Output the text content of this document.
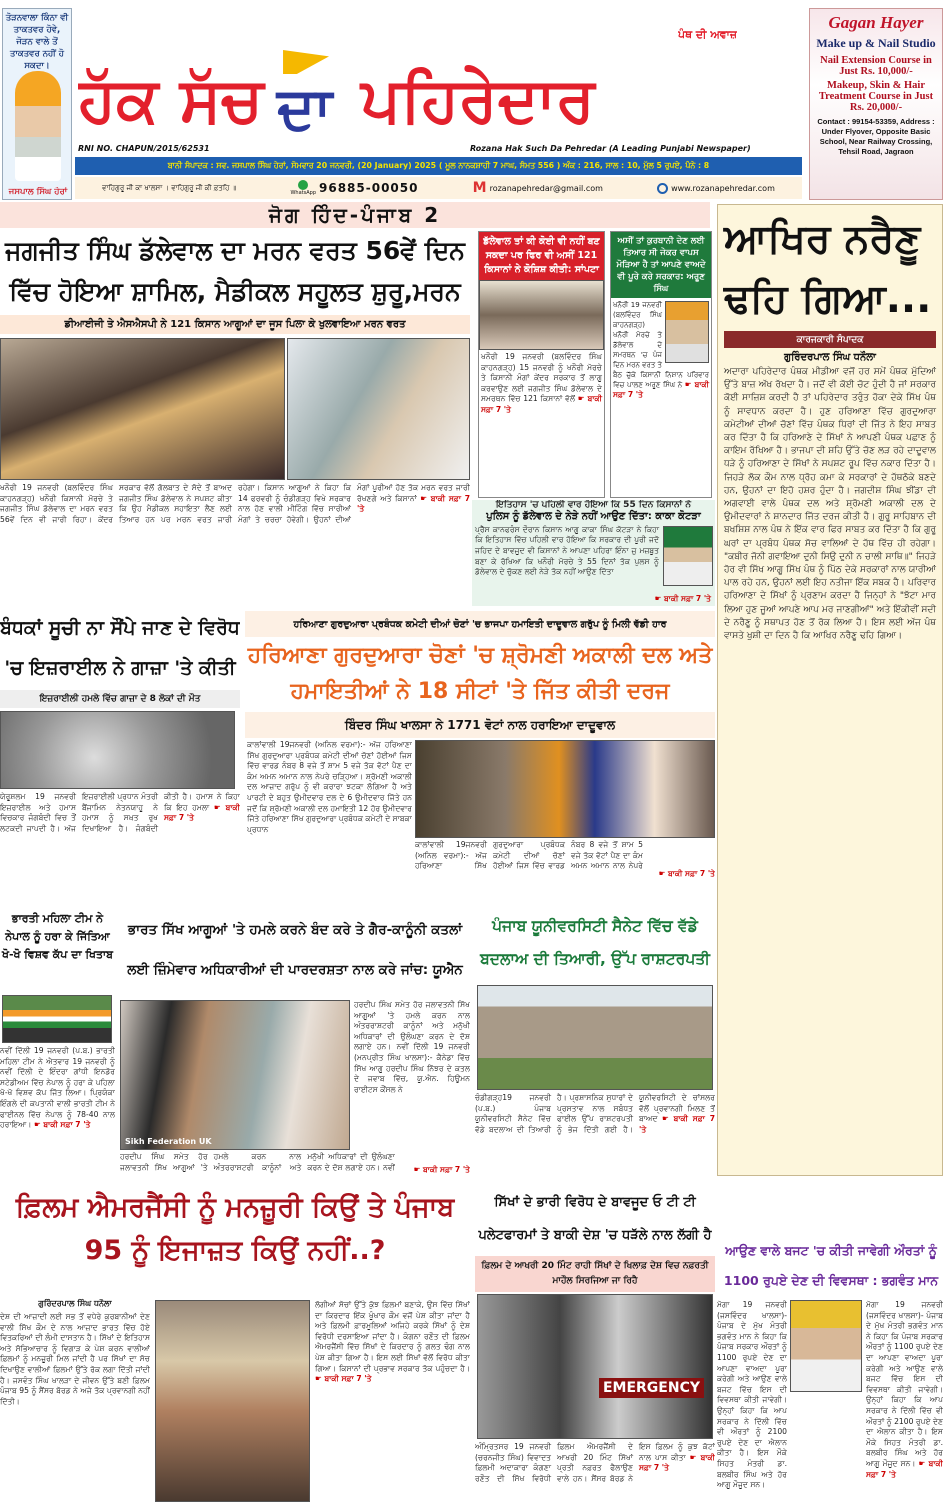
ਤੋੜਨਵਾਲਾ ਕਿੰਨਾ ਵੀ ਤਾਕਤਵਰ ਹੋਵੇ, ਜੋੜਨ ਵਾਲੇ ਤੋਂ ਤਾਕਤਵਰ ਨਹੀਂ ਹੋ ਸਕਦਾ।
ਜਸਪਾਲ ਸਿੰਘ ਹੇਰਾਂ
ਪੰਥ ਦੀ ਅਵਾਜ਼
ਹੱਕ ਸੱਚ ਦਾ ਪਹਿਰੇਦਾਰ
RNI NO. CHAPUN/2015/62531	Rozana Hak Such Da Pehredar (A Leading Punjabi Newspaper)
ਬਾਨੀ ਸੰਪਾਦਕ : ਸਵ. ਜਸਪਾਲ ਸਿੰਘ ਹੇਰਾਂ, ਸੋਮਵਾਰ 20 ਜਨਵਰੀ, (20 January) 2025 ( ਮੂਲ ਨਾਨਕਸ਼ਾਹੀ 7 ਮਾਘ, ਸੰਮਤ 556 ) ਅੰਕ : 216, ਸਾਲ : 10, ਮੁੱਲ 5 ਰੁਪਏ, ਪੰਨੇ : 8
ਵਾਹਿਗੁਰੂ ਜੀ ਕਾ ਖਾਲਸਾ । ਵਾਹਿਗੁਰੂ ਜੀ ਕੀ ਫ਼ਤਹਿ ॥
WhatsApp 96885-00050	M rozanapehredar@gmail.com	www.rozanapehredar.com
Gagan Hayer
Make up & Nail Studio
Nail Extension Course in Just Rs. 10,000/-
Makeup, Skin & Hair Treatment Course in Just Rs. 20,000/-
Contact : 99154-53359, Address : Under Flyover, Opposite Basic School, Near Railway Crossing, Tehsil Road, Jagraon
ਜੋਗ ਹਿੰਦ-ਪੰਜਾਬ 2
ਜਗਜੀਤ ਸਿੰਘ ਡੱਲੇਵਾਲ ਦਾ ਮਰਨ ਵਰਤ 56ਵੇਂ ਦਿਨ ਵਿੱਚ ਹੋਇਆ ਸ਼ਾਮਿਲ, ਮੈਡੀਕਲ ਸਹੂਲਤ ਸ਼ੁਰੂ,ਮਰਨ
ਡੀਆਈਜੀ ਤੇ ਐਸਐਸਪੀ ਨੇ 121 ਕਿਸਾਨ ਆਗੂਆਂ ਦਾ ਜੂਸ ਪਿਲਾ ਕੇ ਖੁਲਵਾਇਆ ਮਰਨ ਵਰਤ
ਖਨੌਰੀ 19 ਜਨਵਰੀ (ਬਲਵਿੰਦਰ ਸਿੰਘ ਕਾਹਨਗੜ੍ਹ) ਖਨੌਰੀ ਕਿਸਾਨੀ ਮੋਰਚੇ ਤੇ ਜਗਜੀਤ ਸਿੰਘ ਡੱਲੇਵਾਲ ਦਾ ਮਰਨ ਵਰਤ 56ਵੇਂ ਦਿਨ ਵੀ ਜਾਰੀ ਰਿਹਾ। ਕੇਂਦਰ ਸਰਕਾਰ ਵੱਲੋਂ ਗੱਲਬਾਤ ਦੇ ਸੱਦੇ ਤੋਂ ਬਾਅਦ ਜਗਜੀਤ ਸਿੰਘ ਡੱਲੇਵਾਲ ਨੇ ਸਪਸ਼ਟ ਕੀਤਾ ਕਿ ਉਹ ਮੈਡੀਕਲ ਸਹਾਇਤਾ ਲੈਣ ਲਈ ਤਿਆਰ ਹਨ ਪਰ ਮਰਨ ਵਰਤ ਜਾਰੀ ਰਹੇਗਾ। ਕਿਸਾਨ ਆਗੂਆਂ ਨੇ ਕਿਹਾ ਕਿ 14 ਫਰਵਰੀ ਨੂੰ ਚੰਡੀਗੜ੍ਹ ਵਿਖੇ ਸਰਕਾਰ ਨਾਲ ਹੋਣ ਵਾਲੀ ਮੀਟਿੰਗ ਵਿੱਚ ਸਾਰੀਆਂ ਮੰਗਾਂ ਤੇ ਚਰਚਾ ਹੋਵੇਗੀ। ਉਹਨਾਂ ਦੀਆਂ ਮੰਗਾਂ ਪੂਰੀਆਂ ਹੋਣ ਤੱਕ ਮਰਨ ਵਰਤ ਜਾਰੀ ਰੱਖਣਗੇ ਅਤੇ ਕਿਸਾਨਾਂ ☛ ਬਾਕੀ ਸਫ਼ਾ 7 'ਤੇ
ਡੱਲੇਵਾਲ ਤਾਂ ਕੀ ਕੋਈ ਵੀ ਨਹੀਂ ਬਣ ਸਕਦਾ ਪਰ ਫਿਰ ਵੀ ਅਸੀਂ 121 ਕਿਸਾਨਾਂ ਨੇ ਕੋਸ਼ਿਸ਼ ਕੀਤੀ: ਸਾਂਪਟਾ
ਖਨੌਰੀ 19 ਜਨਵਰੀ (ਬਲਵਿੰਦਰ ਸਿੰਘ ਕਾਹਨਗੜ੍ਹ) 15 ਜਨਵਰੀ ਨੂੰ ਖਨੌਰੀ ਮੋਰਚੇ ਤੇ ਕਿਸਾਨੀ ਮੰਗਾਂ ਕੇਂਦਰ ਸਰਕਾਰ ਤੋਂ ਲਾਗੂ ਕਰਵਾਉਣ ਲਈ ਜਗਜੀਤ ਸਿੰਘ ਡੱਲੇਵਾਲ ਦੇ ਸਮਰਥਨ ਵਿੱਚ 121 ਕਿਸਾਨਾਂ ਵੱਲੋਂ ☛ ਬਾਕੀ ਸਫ਼ਾ 7 'ਤੇ
ਅਸੀਂ ਤਾਂ ਕੁਰਬਾਨੀ ਦੇਣ ਲਈ ਤਿਆਰ ਸੀ ਜੇਕਰ ਵਾਪਸ ਮੋੜਿਆ ਹੈ ਤਾਂ ਆਪਣੇ ਵਾਅਦੇ ਵੀ ਪੂਰੇ ਕਰੇ ਸਰਕਾਰ: ਅਰੂਣ ਸਿੰਘ
ਖਨੌਰੀ 19 ਜਨਵਰੀ (ਬਲਵਿੰਦਰ ਸਿੰਘ ਕਾਹਨਗੜ੍ਹ) ਖਨੌਰੀ ਮੋਰਚੇ ਤੇ ਡੱਲੇਵਾਲ ਦੇ ਸਮਰਥਨ 'ਚ ਪੰਜ ਦਿਨ ਮਰਨ ਵਰਤ ਤੇ ਬੈਠ ਚੁੱਕੇ ਕਿਸਾਨੀ ਨਿਸ਼ਾਨ ਪਰਿਵਾਰ ਵਿਚ ਪਾਲਣ ਅਰੂਣ ਸਿੰਘ ਨੇ ☛ ਬਾਕੀ ਸਫ਼ਾ 7 'ਤੇ
ਇਤਿਹਾਸ 'ਚ ਪਹਿਲੀ ਵਾਰ ਹੋਇਆ ਕਿ 55 ਦਿਨ ਕਿਸਾਨਾਂ ਨੇ
ਪੁਲਿਸ ਨੂੰ ਡੱਲੇਵਾਲ ਦੇ ਨੇੜੇ ਨਹੀਂ ਆਉਣ ਦਿੱਤਾ: ਕਾਕਾ ਕੋਟੜਾ
ਪ੍ਰੈੱਸ ਕਾਨਫਰੰਸ ਦੌਰਾਨ ਕਿਸਾਨ ਆਗੂ ਕਾਕਾ ਸਿੰਘ ਕੋਟੜਾ ਨੇ ਕਿਹਾ ਕਿ ਇਤਿਹਾਸ ਵਿੱਚ ਪਹਿਲੀ ਵਾਰ ਹੋਇਆ ਕਿ ਸਰਕਾਰ ਦੀ ਪੂਰੀ ਜਦੋ ਜਹਿਦ ਦੇ ਬਾਵਜੂਦ ਵੀ ਕਿਸਾਨਾਂ ਨੇ ਆਪਣਾ ਪਹਿਰਾ ਇੰਨਾ ਜ਼ੁ ਮਜ਼ਬੂਤ ਬਣਾ ਕੇ ਰੱਖਿਆ ਕਿ ਖਨੌਰੀ ਮੋਰਚੇ ਤੇ 55 ਦਿਨਾਂ ਤੱਕ ਪੁਲਸ ਨੂੰ ਡੱਲੇਵਾਲ ਦੇ ਚੁੱਕਣ ਲਈ ਨੇੜੇ ਤੱਕ ਨਹੀਂ ਆਉਣ ਦਿੱਤਾ
☛ ਬਾਕੀ ਸਫ਼ਾ 7 'ਤੇ
ਬੰਧਕਾਂ ਸੂਚੀ ਨਾ ਸੌਂਪੇ ਜਾਣ ਦੇ ਵਿਰੋਧ 'ਚ ਇਜ਼ਰਾਈਲ ਨੇ ਗਾਜ਼ਾ 'ਤੇ ਕੀਤੀ
ਇਜ਼ਰਾਈਲੀ ਹਮਲੇ ਵਿੱਚ ਗਾਜ਼ਾ ਦੇ 8 ਲੋਕਾਂ ਦੀ ਮੌਤ
ਯੇਰੂਸ਼ਲਮ 19 ਜਨਵਰੀ ਇਜ਼ਰਾਈਲ ਅਤੇ ਹਮਾਸ ਵਿਚਕਾਰ ਜੰਗਬੰਦੀ ਵਿਚ ਤੌਂ ਲਟਕਦੀ ਜਾਪਦੀ ਹੈ। ਅੱਜ ਇਜ਼ਰਾਈਲੀ ਪ੍ਰਧਾਨ ਮੰਤਰੀ ਬੈਂਜਾਮਿਨ ਨੇਤਨਯਾਹੂ ਨੇ ਹਮਾਸ ਨੂੰ ਸਖ਼ਤ ਰੁਖ ਦਿਖਾਇਆ ਹੈ। ਜੰਗਬੰਦੀ ਕੀਤੀ ਹੈ। ਹਮਾਸ ਨੇ ਕਿਹਾ ਕਿ ਇਹ ਹਮਲਾ ☛ ਬਾਕੀ ਸਫ਼ਾ 7 'ਤੇ
ਹਰਿਆਣਾ ਗੁਰਦੁਆਰਾ ਪ੍ਰਬੰਧਕ ਕਮੇਟੀ ਦੀਆਂ ਚੋਣਾਂ 'ਚ ਭਾਜਪਾ ਹਮਾਇਤੀ ਦਾਦੂਵਾਲ ਗਰੁੱਪ ਨੂੰ ਮਿਲੀ ਵੱਡੀ ਹਾਰ
ਹਰਿਆਣਾ ਗੁਰਦੁਆਰਾ ਚੋਣਾਂ 'ਚ ਸ਼੍ਰੋਮਣੀ ਅਕਾਲੀ ਦਲ ਅਤੇ ਹਮਾਇਤੀਆਂ ਨੇ 18 ਸੀਟਾਂ 'ਤੇ ਜਿੱਤ ਕੀਤੀ ਦਰਜ
ਬਿੰਦਰ ਸਿੰਘ ਖਾਲਸਾ ਨੇ 1771 ਵੋਟਾਂ ਨਾਲ ਹਰਾਇਆ ਦਾਦੂਵਾਲ
ਕਾਲਾਂਵਾਲੀ 19ਜਨਵਰੀ (ਅਨਿਲ ਵਰਮਾ):- ਅੱਜ ਹਰਿਆਣਾ ਸਿੱਖ ਗੁਰਦੁਆਰਾ ਪ੍ਰਬੰਧਕ ਕਮੇਟੀ ਦੀਆਂ ਚੋਣਾਂ ਹੋਈਆਂ ਜਿਸ ਵਿੱਚ ਵਾਰਡ ਨੰਬਰ 8 ਵਜੇ ਤੋਂ ਸ਼ਾਮ 5 ਵਜੇ ਤੱਕ ਵੋਟਾਂ ਪੈਣ ਦਾ ਕੰਮ ਅਮਨ ਅਮਾਨ ਨਾਲ ਨੇਪਰੇ ਚੜ੍ਹਿਆ। ਸ਼੍ਰੋਮਣੀ ਅਕਾਲੀ ਦਲ ਆਜ਼ਾਦ ਗਰੁੱਪ ਨੂੰ ਵੀ ਕਰਾਰਾ ਝਟਕਾ ਲੱਗਿਆ ਹੈ ਅਤੇ ਪਾਰਟੀ ਦੇ ਬਹੁਤ ਉਮੀਦਵਾਰ ਦਲ ਦੇ 6 ਉਮੀਦਵਾਰ ਜਿੱਤੇ ਹਨ ਜਦੋਂ ਕਿ ਸ਼੍ਰੋਮਣੀ ਅਕਾਲੀ ਦਲ ਹਮਾਇਤੀ 12 ਹੋਰ ਉਮੀਦਵਾਰ ਜਿੱਤੇ ਹਰਿਆਣਾ ਸਿੱਖ ਗੁਰਦੁਆਰਾ ਪ੍ਰਬੰਧਕ ਕਮੇਟੀ ਦੇ ਸਾਬਕਾ ਪ੍ਰਧਾਨ
ਕਾਲਾਂਵਾਲੀ 19ਜਨਵਰੀ (ਅਨਿਲ ਵਰਮਾ):- ਅੱਜ ਹਰਿਆਣਾ ਸਿੱਖ ਗੁਰਦੁਆਰਾ ਪ੍ਰਬੰਧਕ ਕਮੇਟੀ ਦੀਆਂ ਚੋਣਾਂ ਹੋਈਆਂ ਜਿਸ ਵਿੱਚ ਵਾਰਡ ਨੰਬਰ 8 ਵਜੇ ਤੋਂ ਸ਼ਾਮ 5 ਵਜੇ ਤੱਕ ਵੋਟਾਂ ਪੈਣ ਦਾ ਕੰਮ ਅਮਨ ਅਮਾਨ ਨਾਲ ਨੇਪਰੇ
☛ ਬਾਕੀ ਸਫ਼ਾ 7 'ਤੇ
ਭਾਰਤੀ ਮਹਿਲਾ ਟੀਮ ਨੇ ਨੇਪਾਲ ਨੂੰ ਹਰਾ ਕੇ ਜਿੱਤਿਆ ਖੋ-ਖੋ ਵਿਸ਼ਵ ਕੱਪ ਦਾ ਖਿਤਾਬ
ਨਵੀਂ ਦਿੱਲੀ 19 ਜਨਵਰੀ (ਪ.ਬ.) ਭਾਰਤੀ ਮਹਿਲਾ ਟੀਮ ਨੇ ਐਤਵਾਰ 19 ਜਨਵਰੀ ਨੂੰ ਨਵੀਂ ਦਿੱਲੀ ਦੇ ਇੰਦਰਾ ਗਾਂਧੀ ਇਨਡੋਰ ਸਟੇਡੀਅਮ ਵਿੱਚ ਨੇਪਾਲ ਨੂੰ ਹਰਾ ਕੇ ਪਹਿਲਾ ਖੋ-ਖੋ ਵਿਸ਼ਵ ਕੱਪ ਜਿੱਤ ਲਿਆ। ਪ੍ਰਿਯੰਕਾ ਇੰਗਲੇ ਦੀ ਕਪਤਾਨੀ ਵਾਲੀ ਭਾਰਤੀ ਟੀਮ ਨੇ ਫਾਈਨਲ ਵਿੱਚ ਨੇਪਾਲ ਨੂੰ 78-40 ਨਾਲ ਹਰਾਇਆ। ☛ ਬਾਕੀ ਸਫ਼ਾ 7 'ਤੇ
ਭਾਰਤ ਸਿੱਖ ਆਗੂਆਂ 'ਤੇ ਹਮਲੇ ਕਰਨੇ ਬੰਦ ਕਰੇ ਤੇ ਗੈਰ-ਕਾਨੂੰਨੀ ਕਤਲਾਂ ਲਈ ਜ਼ਿੰਮੇਵਾਰ ਅਧਿਕਾਰੀਆਂ ਦੀ ਪਾਰਦਰਸ਼ਤਾ ਨਾਲ ਕਰੇ ਜਾਂਚ: ਯੂਐਨ
Sikh Federation UK
ਹਰਦੀਪ ਸਿੰਘ ਸਮੇਤ ਹੋਰ ਜਲਾਵਤਨੀ ਸਿੱਖ ਆਗੂਆਂ 'ਤੇ ਹਮਲੇ ਕਰਨ ਨਾਲ ਅੰਤਰਰਾਸ਼ਟਰੀ ਕਾਨੂੰਨਾਂ ਅਤੇ ਮਨੁੱਖੀ ਅਧਿਕਾਰਾਂ ਦੀ ਉਲੰਘਣਾ ਕਰਨ ਦੇ ਦੋਸ਼ ਲਗਾਏ ਹਨ। ਨਵੀਂ ਦਿੱਲੀ 19 ਜਨਵਰੀ (ਮਨਪ੍ਰੀਤ ਸਿੰਘ ਖਾਲਸਾ):- ਕੈਨੇਡਾ ਵਿੱਚ ਸਿੱਖ ਆਗੂ ਹਰਦੀਪ ਸਿੰਘ ਨਿੱਝਰ ਦੇ ਕਤਲ ਦੇ ਜਵਾਬ ਵਿੱਚ, ਯੂ.ਐਨ. ਹਿਊਮਨ ਰਾਈਟਸ ਕੌਂਸਲ ਨੇ
ਹਰਦੀਪ ਸਿੰਘ ਸਮੇਤ ਹੋਰ ਜਲਾਵਤਨੀ ਸਿੱਖ ਆਗੂਆਂ 'ਤੇ ਹਮਲੇ ਕਰਨ ਨਾਲ ਅੰਤਰਰਾਸ਼ਟਰੀ ਕਾਨੂੰਨਾਂ ਅਤੇ ਮਨੁੱਖੀ ਅਧਿਕਾਰਾਂ ਦੀ ਉਲੰਘਣਾ ਕਰਨ ਦੇ ਦੋਸ਼ ਲਗਾਏ ਹਨ। ਨਵੀਂ	☛ ਬਾਕੀ ਸਫ਼ਾ 7 'ਤੇ
ਪੰਜਾਬ ਯੂਨੀਵਰਸਿਟੀ ਸੈਨੇਟ ਵਿੱਚ ਵੱਡੇ ਬਦਲਾਅ ਦੀ ਤਿਆਰੀ, ਉੱਪ ਰਾਸ਼ਟਰਪਤੀ
ਚੰਡੀਗੜ੍ਹ19 ਜਨਵਰੀ (ਪ.ਬ.) ਪੰਜਾਬ ਯੂਨੀਵਰਸਿਟੀ ਸੈਨੇਟ ਵਿੱਚ ਵੱਡੇ ਬਦਲਾਅ ਦੀ ਤਿਆਰੀ ਹੈ। ਪ੍ਰਸ਼ਾਸਨਿਕ ਸੁਧਾਰਾਂ ਦੇ ਪ੍ਰਸਤਾਵ ਨਾਲ ਸਬੰਧਤ ਫਾਈਲ ਉੱਪ ਰਾਸ਼ਟਰਪਤੀ ਨੂੰ ਭੇਜ ਦਿੱਤੀ ਗਈ ਹੈ। ਯੂਨੀਵਰਸਿਟੀ ਦੇ ਚਾਂਸਲਰ ਵੱਲੋਂ ਪ੍ਰਵਾਨਗੀ ਮਿਲਣ ਤੋਂ ਬਾਅਦ ☛ ਬਾਕੀ ਸਫ਼ਾ 7 'ਤੇ
ਆਖਿਰ ਨਰੈਣੂ ਢਹਿ ਗਿਆ...
ਕਾਰਜਕਾਰੀ ਸੰਪਾਦਕ
ਗੁਰਿੰਦਰਪਾਲ ਸਿੰਘ ਧਨੌਲਾ
ਅਦਾਰਾ ਪਹਿਰੇਦਾਰ ਪੰਥਕ ਮੀਡੀਆ ਵਜੋਂ ਹਰ ਸਮੇਂ ਪੰਥਕ ਮੁੱਦਿਆਂ ਉੱਤੇ ਬਾਜ਼ ਅੱਖ ਰੱਖਦਾ ਹੈ। ਜਦੋਂ ਵੀ ਕੋਈ ਚੋਟ ਹੁੰਦੀ ਹੈ ਜਾਂ ਸਰਕਾਰ ਕੋਈ ਸਾਜ਼ਿਸ਼ ਕਰਦੀ ਹੈ ਤਾਂ ਪਹਿਰੇਦਾਰ ਤਰੁੰਤ ਹੋਕਾ ਦੇਕੇ ਸਿੱਖ ਪੰਥ ਨੂੰ ਸਾਵਧਾਨ ਕਰਦਾ ਹੈ। ਹੁਣ ਹਰਿਆਣਾ ਵਿੱਚ ਗੁਰਦੁਆਰਾ ਕਮੇਟੀਆਂ ਦੀਆਂ ਚੋਣਾਂ ਵਿੱਚ ਪੰਥਕ ਧਿਰਾਂ ਦੀ ਜਿੱਤ ਨੇ ਇਹ ਸਾਬਤ ਕਰ ਦਿੱਤਾ ਹੈ ਕਿ ਹਰਿਆਣੇ ਦੇ ਸਿੱਖਾਂ ਨੇ ਆਪਣੀ ਪੰਥਕ ਪਛਾਣ ਨੂੰ ਕਾਇਮ ਰੱਖਿਆ ਹੈ। ਭਾਜਪਾ ਦੀ ਸ਼ਹਿ ਉੱਤੇ ਚੋਣ ਲੜ ਰਹੇ ਦਾਦੂਵਾਲ ਧੜੇ ਨੂੰ ਹਰਿਆਣਾ ਦੇ ਸਿੱਖਾਂ ਨੇ ਸਪਸ਼ਟ ਰੂਪ ਵਿੱਚ ਨਕਾਰ ਦਿੱਤਾ ਹੈ। ਜਿਹੜੇ ਲੋਕ ਕੌਮ ਨਾਲ ਧ੍ਰੋਹ ਕਮਾ ਕੇ ਸਰਕਾਰਾਂ ਦੇ ਹੱਥਠੋਕੇ ਬਣਦੇ ਹਨ, ਉਹਨਾਂ ਦਾ ਇਹੋ ਹਸ਼ਰ ਹੁੰਦਾ ਹੈ। ਜਗਦੀਸ਼ ਸਿੰਘ ਝੀਂਡਾ ਦੀ ਅਗਵਾਈ ਵਾਲੇ ਪੰਥਕ ਦਲ ਅਤੇ ਸ਼੍ਰੋਮਣੀ ਅਕਾਲੀ ਦਲ ਦੇ ਉਮੀਦਵਾਰਾਂ ਨੇ ਸ਼ਾਨਦਾਰ ਜਿੱਤ ਦਰਜ ਕੀਤੀ ਹੈ। ਗੁਰੂ ਸਾਹਿਬਾਨ ਦੀ ਬਖਸ਼ਿਸ਼ ਨਾਲ ਪੰਥ ਨੇ ਇੱਕ ਵਾਰ ਫਿਰ ਸਾਬਤ ਕਰ ਦਿੱਤਾ ਹੈ ਕਿ ਗੁਰੂ ਘਰਾਂ ਦਾ ਪ੍ਰਬੰਧ ਪੰਥਕ ਸੋਚ ਵਾਲਿਆਂ ਦੇ ਹੱਥ ਵਿੱਚ ਹੀ ਰਹੇਗਾ। "ਕਬੀਰ ਜੋਨੀ ਗਵਾਇਆ ਦੁਨੀ ਸਿਉ ਦੁਨੀ ਨ ਚਾਲੀ ਸਾਥਿ॥" ਜਿਹੜੇ ਹੋਰ ਵੀ ਸਿੱਖ ਆਗੂ ਸਿੱਖ ਪੰਥ ਨੂੰ ਪਿੱਠ ਦੇਕੇ ਸਰਕਾਰਾਂ ਨਾਲ ਯਾਰੀਆਂ ਪਾਲ ਰਹੇ ਹਨ, ਉਹਨਾਂ ਲਈ ਇਹ ਨਤੀਜਾ ਇੱਕ ਸਬਕ ਹੈ। ਪਰਿਵਾਰ ਹਰਿਆਣਾ ਦੇ ਸਿੱਖਾਂ ਨੂੰ ਪ੍ਰਣਾਮ ਕਰਦਾ ਹੈ ਜਿਨ੍ਹਾਂ ਨੇ "ਝੱਟਾ ਮਾਰ ਲਿਆ ਹੁਣ ਜੂਆਂ ਆਪਣੇ ਆਪ ਮਰ ਜਾਣਗੀਆਂ" ਅਤੇ ਇੱਕੀਵੀਂ ਸਦੀ ਦੇ ਨਰੈਣੂ ਨੂੰ ਸਥਾਪਤ ਹੋਣ ਤੋਂ ਰੋਕ ਲਿਆ ਹੈ। ਇਸ ਲਈ ਅੱਜ ਪੰਥ ਵਾਸਤੇ ਖੁਸ਼ੀ ਦਾ ਦਿਨ ਹੈ ਕਿ ਆਖਿਰ ਨਰੈਣੂ ਢਹਿ ਗਿਆ।
ਫ਼ਿਲਮ ਐਮਰਜੈਂਸੀ ਨੂੰ ਮਨਜ਼ੂਰੀ ਕਿਉਂ ਤੇ ਪੰਜਾਬ 95 ਨੂੰ ਇਜਾਜ਼ਤ ਕਿਉਂ ਨਹੀਂ..?
ਗੁਰਿੰਦਰਪਾਲ ਸਿੰਘ ਧਨੌਲਾ
ਦੇਸ਼ ਦੀ ਆਜ਼ਾਦੀ ਲਈ ਸਭ ਤੋਂ ਵਧੇਰੇ ਕੁਰਬਾਨੀਆਂ ਦੇਣ ਵਾਲੀ ਸਿੱਖ ਕੌਮ ਦੇ ਨਾਲ ਆਜ਼ਾਦ ਭਾਰਤ ਵਿੱਚ ਹੋਏ ਵਿਤਕਰਿਆਂ ਦੀ ਲੰਮੀ ਦਾਸਤਾਨ ਹੈ। ਸਿੱਖਾਂ ਦੇ ਇਤਿਹਾਸ ਅਤੇ ਸੱਭਿਆਚਾਰ ਨੂੰ ਵਿਗਾੜ ਕੇ ਪੇਸ਼ ਕਰਨ ਵਾਲੀਆਂ ਫ਼ਿਲਮਾਂ ਨੂੰ ਮਨਜ਼ੂਰੀ ਮਿਲ ਜਾਂਦੀ ਹੈ ਪਰ ਸਿੱਖਾਂ ਦਾ ਸੱਚ ਦਿਖਾਉਣ ਵਾਲੀਆਂ ਫ਼ਿਲਮਾਂ ਉੱਤੇ ਰੋਕ ਲਗਾ ਦਿੱਤੀ ਜਾਂਦੀ ਹੈ। ਜਸਵੰਤ ਸਿੰਘ ਖਾਲੜਾ ਦੇ ਜੀਵਨ ਉੱਤੇ ਬਣੀ ਫ਼ਿਲਮ ਪੰਜਾਬ 95 ਨੂੰ ਸੈਂਸਰ ਬੋਰਡ ਨੇ ਅਜੇ ਤੱਕ ਪ੍ਰਵਾਨਗੀ ਨਹੀਂ ਦਿੱਤੀ।
ਲੱਗੀਆਂ ਸੋਚਾਂ ਉੱਤੇ ਕੁੱਝ ਫ਼ਿਲਮਾਂ ਬਣਾਕੇ, ਉਸ ਵਿੱਚ ਸਿੱਖਾਂ ਦਾ ਕਿਰਦਾਰ ਇੱਕ ਖੂੰਖਾਰ ਕੌਮ ਵਜੋਂ ਪੇਸ਼ ਕੀਤਾ ਜਾਂਦਾ ਹੈ ਅਤੇ ਫ਼ਿਲਮੀ ਫ਼ਾਰਮੂਲਿਆਂ ਅਜਿਹੇ ਕਰਕੇ ਸਿੱਖਾਂ ਨੂੰ ਦੇਸ਼ ਵਿਰੋਧੀ ਦਰਸਾਇਆ ਜਾਂਦਾ ਹੈ। ਕੰਗਨਾ ਰਣੌਤ ਦੀ ਫ਼ਿਲਮ ਐਮਰਜੈਂਸੀ ਵਿੱਚ ਸਿੱਖਾਂ ਦੇ ਕਿਰਦਾਰ ਨੂੰ ਗਲਤ ਢੰਗ ਨਾਲ ਪੇਸ਼ ਕੀਤਾ ਗਿਆ ਹੈ। ਇਸ ਲਈ ਸਿੱਖਾਂ ਵੱਲੋਂ ਵਿਰੋਧ ਕੀਤਾ ਗਿਆ। ਕਿਸਾਨਾਂ ਦੀ ਪ੍ਰਭਾਵ ਸਰਕਾਰ ਤੱਕ ਪਹੁੰਚਦਾ ਹੈ। ☛ ਬਾਕੀ ਸਫ਼ਾ 7 'ਤੇ
ਸਿੱਖਾਂ ਦੇ ਭਾਰੀ ਵਿਰੋਧ ਦੇ ਬਾਵਜੂਦ ਓ ਟੀ ਟੀ ਪਲੇਟਫਾਰਮਾਂ ਤੇ ਬਾਕੀ ਦੇਸ਼ 'ਚ ਧੜੱਲੇ ਨਾਲ ਲੱਗੀ ਹੈ
ਫ਼ਿਲਮ ਦੇ ਆਖਰੀ 20 ਮਿੰਟ ਰਾਹੀ ਸਿੱਖਾਂ ਦੇ ਖਿਲਾਫ਼ ਦੇਸ਼ ਵਿਚ ਨਫ਼ਰਤੀ ਮਾਹੌਲ ਸਿਰਜਿਆ ਜਾ ਰਿਹੈ
EMERGENCY
ਅੰਮ੍ਰਿਤਸਰ 19 ਜਨਵਰੀ (ਚਰਨਜੀਤ ਸਿੰਘ) ਵਿਵਾਦਤ ਫ਼ਿਲਮੀ ਅਦਾਕਾਰਾ ਕੰਗਣਾ ਰਣੌਤ ਦੀ ਸਿੱਖ ਵਿਰੋਧੀ ਫ਼ਿਲਮ ਐਮਰਜੈਂਸੀ ਦੇ ਆਖਰੀ 20 ਮਿੰਟ ਸਿੱਖਾਂ ਪ੍ਰਤੀ ਨਫ਼ਰਤ ਫੈਲਾਉਣ ਵਾਲੇ ਹਨ। ਸੈਂਸਰ ਬੋਰਡ ਨੇ ਇਸ ਫ਼ਿਲਮ ਨੂੰ ਕੁਝ ਕੱਟਾਂ ਨਾਲ ਪਾਸ ਕੀਤਾ ☛ ਬਾਕੀ ਸਫ਼ਾ 7 'ਤੇ
ਆਉਣ ਵਾਲੇ ਬਜਟ 'ਚ ਕੀਤੀ ਜਾਵੇਗੀ ਔਰਤਾਂ ਨੂੰ 1100 ਰੁਪਏ ਦੇਣ ਦੀ ਵਿਵਸਥਾ : ਭਗਵੰਤ ਮਾਨ
ਮੋਗਾ 19 ਜਨਵਰੀ (ਜਸਵਿੰਦਰ ਖਾਲਸਾ)- ਪੰਜਾਬ ਦੇ ਮੁੱਖ ਮੰਤਰੀ ਭਗਵੰਤ ਮਾਨ ਨੇ ਕਿਹਾ ਕਿ ਪੰਜਾਬ ਸਰਕਾਰ ਔਰਤਾਂ ਨੂੰ 1100 ਰੁਪਏ ਦੇਣ ਦਾ ਆਪਣਾ ਵਾਅਦਾ ਪੂਰਾ ਕਰੇਗੀ ਅਤੇ ਆਉਣ ਵਾਲੇ ਬਜਟ ਵਿੱਚ ਇਸ ਦੀ ਵਿਵਸਥਾ ਕੀਤੀ ਜਾਵੇਗੀ। ਉਨ੍ਹਾਂ ਕਿਹਾ ਕਿ ਆਪ ਸਰਕਾਰ ਨੇ ਦਿੱਲੀ ਵਿੱਚ ਵੀ ਔਰਤਾਂ ਨੂੰ 2100 ਰੁਪਏ ਦੇਣ ਦਾ ਐਲਾਨ ਕੀਤਾ ਹੈ। ਇਸ ਮੌਕੇ ਸਿਹਤ ਮੰਤਰੀ ਡਾ. ਬਲਬੀਰ ਸਿੰਘ ਅਤੇ ਹੋਰ ਆਗੂ ਮੌਜੂਦ ਸਨ।
ਮੋਗਾ 19 ਜਨਵਰੀ (ਜਸਵਿੰਦਰ ਖਾਲਸਾ)- ਪੰਜਾਬ ਦੇ ਮੁੱਖ ਮੰਤਰੀ ਭਗਵੰਤ ਮਾਨ ਨੇ ਕਿਹਾ ਕਿ ਪੰਜਾਬ ਸਰਕਾਰ ਔਰਤਾਂ ਨੂੰ 1100 ਰੁਪਏ ਦੇਣ ਦਾ ਆਪਣਾ ਵਾਅਦਾ ਪੂਰਾ ਕਰੇਗੀ ਅਤੇ ਆਉਣ ਵਾਲੇ ਬਜਟ ਵਿੱਚ ਇਸ ਦੀ ਵਿਵਸਥਾ ਕੀਤੀ ਜਾਵੇਗੀ। ਉਨ੍ਹਾਂ ਕਿਹਾ ਕਿ ਆਪ ਸਰਕਾਰ ਨੇ ਦਿੱਲੀ ਵਿੱਚ ਵੀ ਔਰਤਾਂ ਨੂੰ 2100 ਰੁਪਏ ਦੇਣ ਦਾ ਐਲਾਨ ਕੀਤਾ ਹੈ। ਇਸ ਮੌਕੇ ਸਿਹਤ ਮੰਤਰੀ ਡਾ. ਬਲਬੀਰ ਸਿੰਘ ਅਤੇ ਹੋਰ ਆਗੂ ਮੌਜੂਦ ਸਨ। ☛ ਬਾਕੀ ਸਫ਼ਾ 7 'ਤੇ
